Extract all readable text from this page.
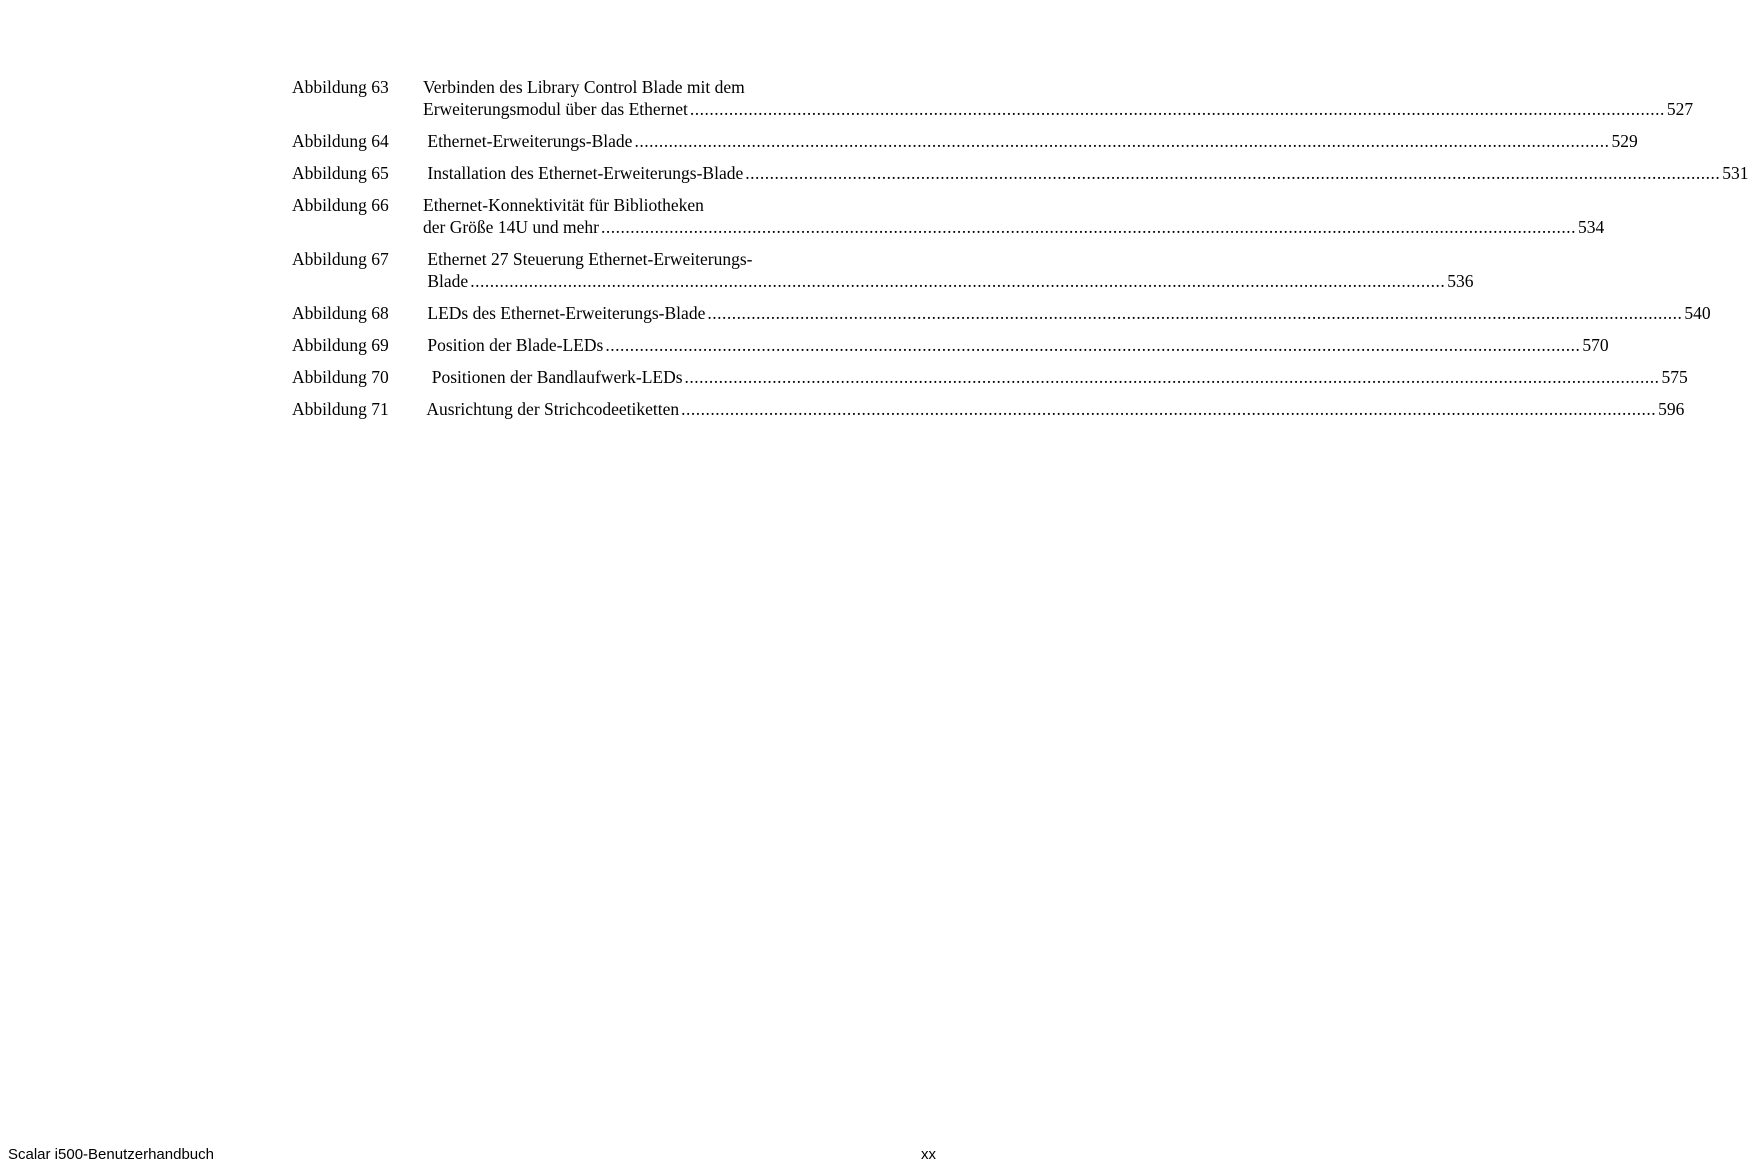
Abbildung 63	Verbinden des Library Control Blade mit dem
Erweiterungsmodul über das Ethernet .....	527
Abbildung 64	Ethernet-Erweiterungs-Blade .....	529
Abbildung 65	Installation des Ethernet-Erweiterungs-Blade .....	531
Abbildung 66	Ethernet-Konnektivität für Bibliotheken
der Größe 14U und mehr .....	534
Abbildung 67	Ethernet 27 Steuerung Ethernet-Erweiterungs-
Blade .....	536
Abbildung 68	LEDs des Ethernet-Erweiterungs-Blade .....	540
Abbildung 69	Position der Blade-LEDs .....	570
Abbildung 70	Positionen der Bandlaufwerk-LEDs .....	575
Abbildung 71	Ausrichtung der Strichcodeetiketten .....	596
Scalar i500-Benutzerhandbuch	xx
